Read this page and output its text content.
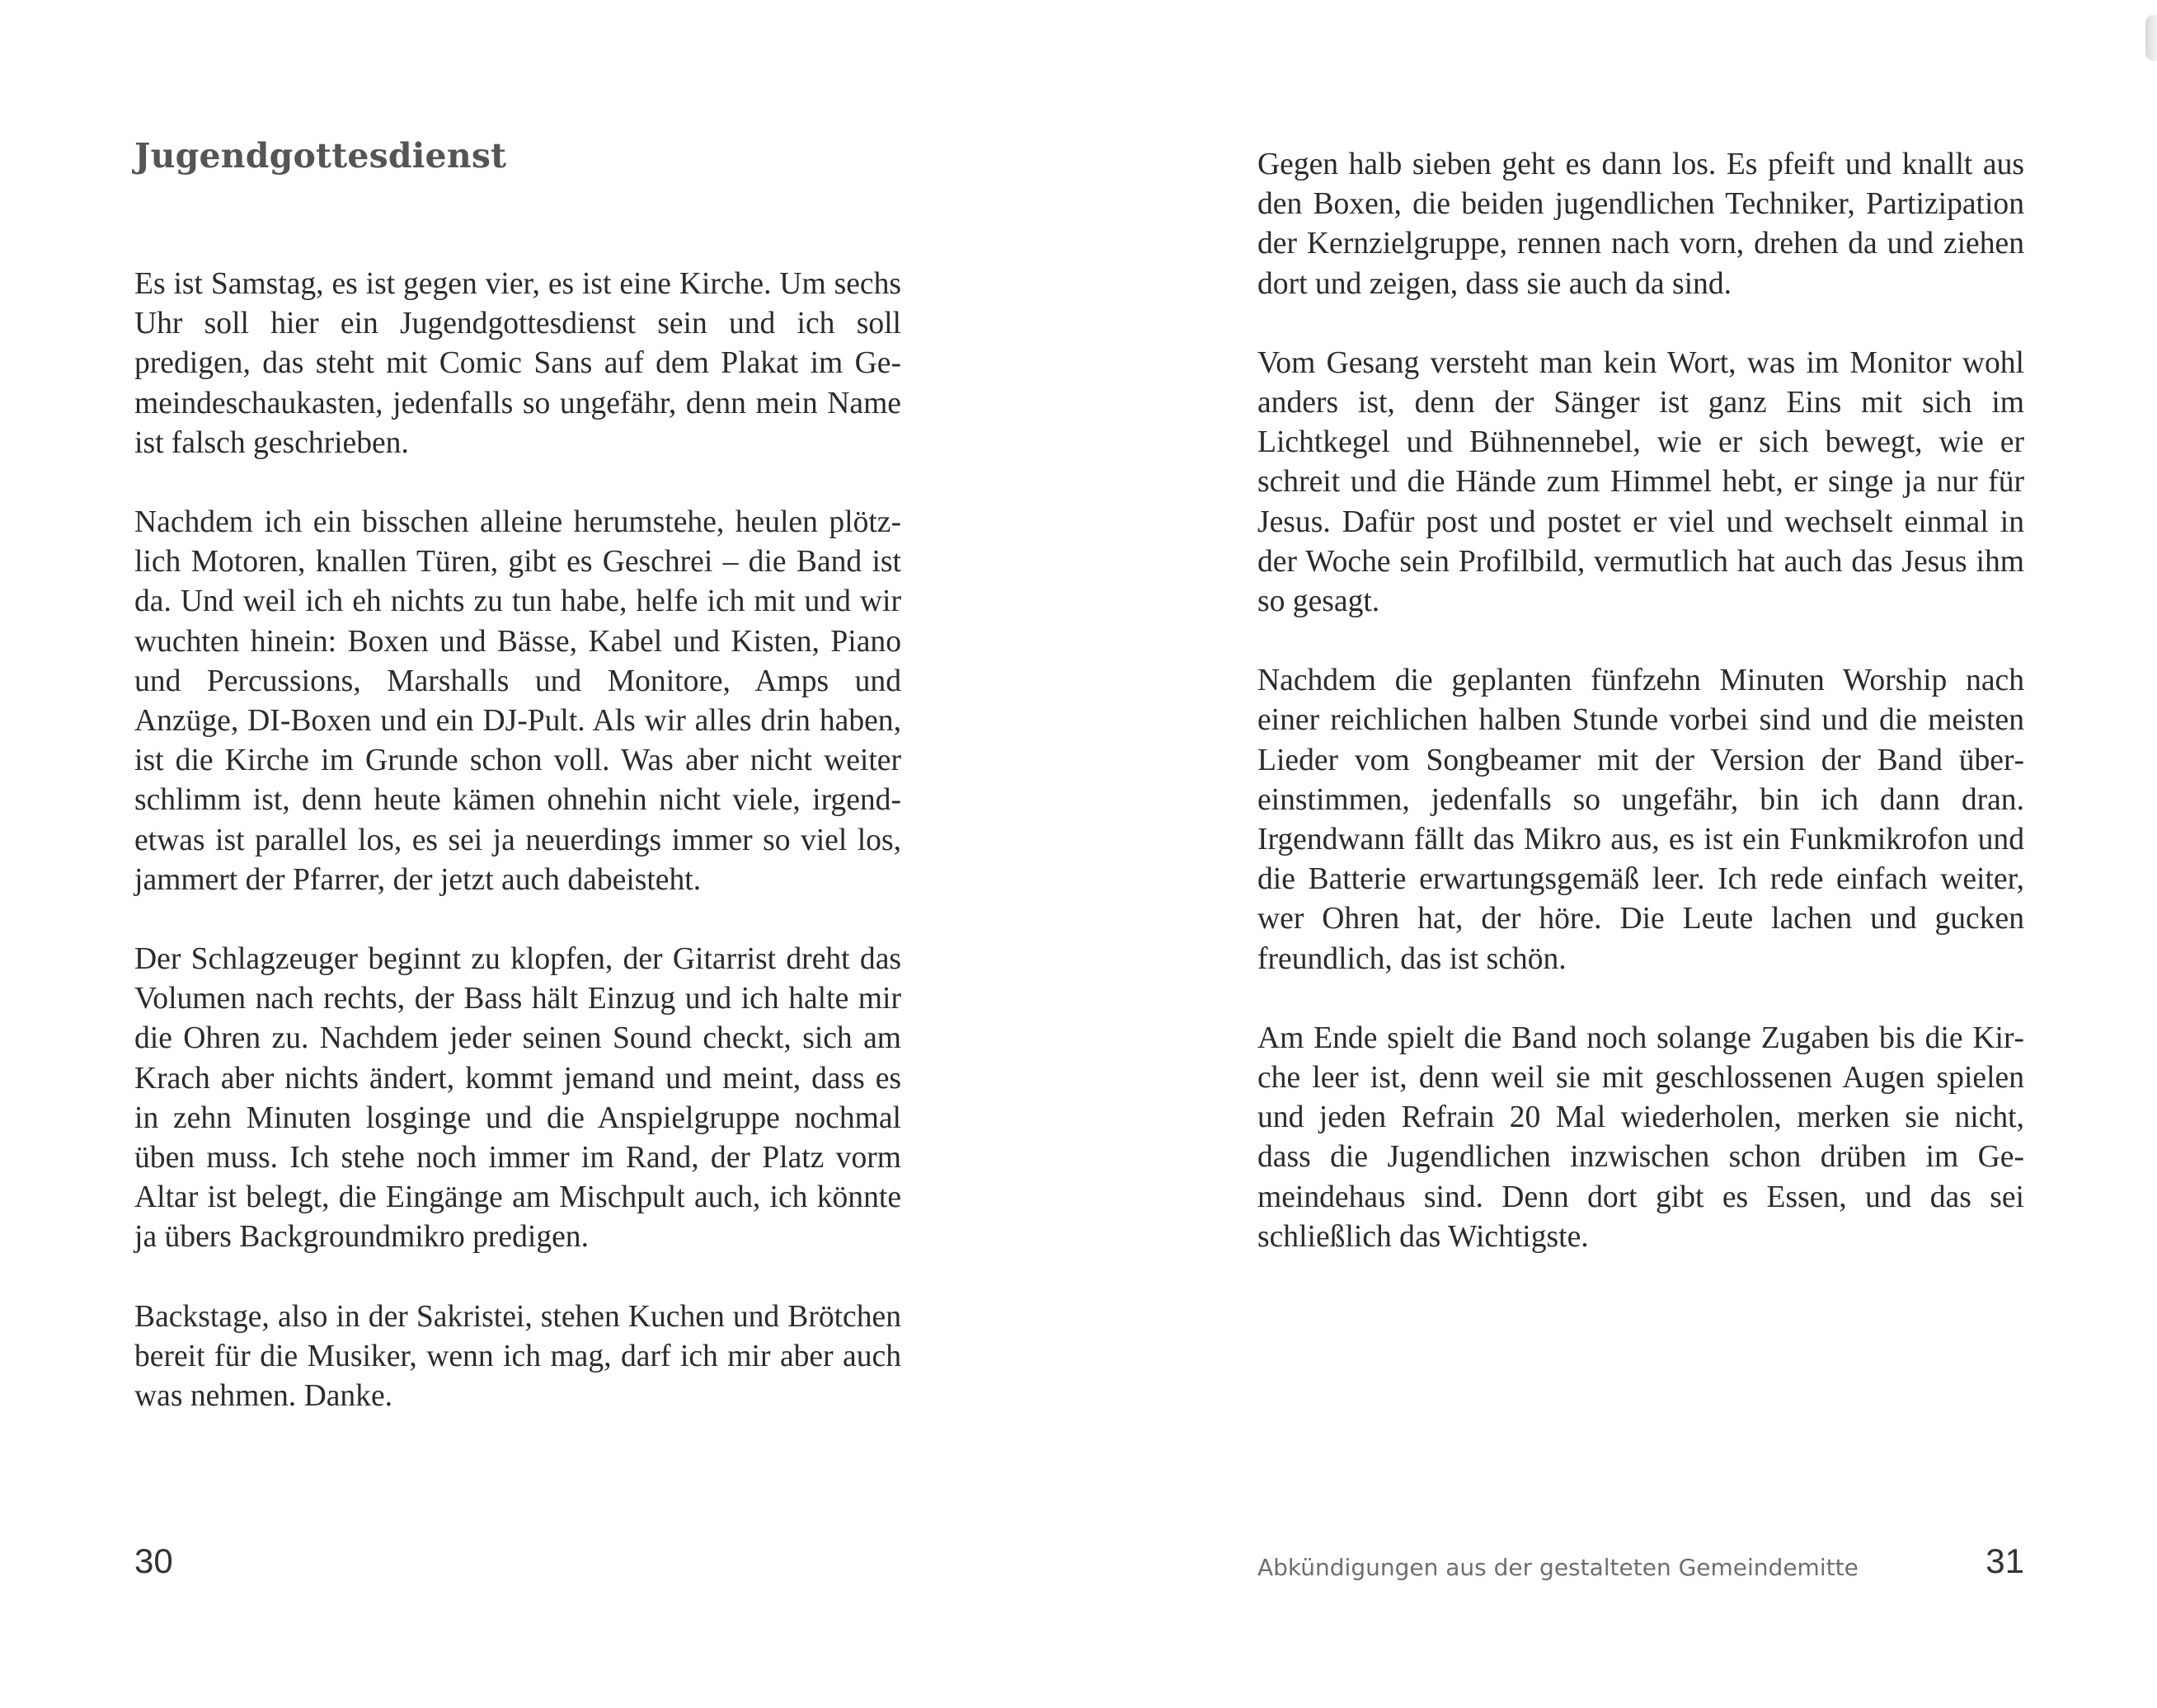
Jugendgottesdienst

Es ist Samstag, es ist gegen vier, es ist eine Kirche. Um sechs Uhr soll hier ein Jugendgottesdienst sein und ich soll predigen, das steht mit Comic Sans auf dem Plakat im Gemeindeschaukasten, jedenfalls so ungefähr, denn mein Name ist falsch geschrieben.

Nachdem ich ein bisschen alleine herumstehe, heulen plötzlich Motoren, knallen Türen, gibt es Geschrei – die Band ist da. Und weil ich eh nichts zu tun habe, helfe ich mit und wir wuchten hinein: Boxen und Bässe, Kabel und Kisten, Piano und Percussions, Marshalls und Monitore, Amps und Anzüge, DI-Boxen und ein DJ-Pult. Als wir alles drin haben, ist die Kirche im Grunde schon voll. Was aber nicht weiter schlimm ist, denn heute kämen ohnehin nicht viele, irgendetwas ist parallel los, es sei ja neuerdings immer so viel los, jammert der Pfarrer, der jetzt auch dabeisteht.

Der Schlagzeuger beginnt zu klopfen, der Gitarrist dreht das Volumen nach rechts, der Bass hält Einzug und ich halte mir die Ohren zu. Nachdem jeder seinen Sound checkt, sich am Krach aber nichts ändert, kommt jemand und meint, dass es in zehn Minuten losginge und die Anspielgruppe nochmal üben muss. Ich stehe noch immer im Rand, der Platz vorm Altar ist belegt, die Eingänge am Mischpult auch, ich könnte ja übers Backgroundmikro predigen.

Backstage, also in der Sakristei, stehen Kuchen und Brötchen bereit für die Musiker, wenn ich mag, darf ich mir aber auch was nehmen. Danke.

30

Gegen halb sieben geht es dann los. Es pfeift und knallt aus den Boxen, die beiden jugendlichen Techniker, Partizipation der Kernzielgruppe, rennen nach vorn, drehen da und ziehen dort und zeigen, dass sie auch da sind.

Vom Gesang versteht man kein Wort, was im Monitor wohl anders ist, denn der Sänger ist ganz Eins mit sich im Lichtkegel und Bühnennebel, wie er sich bewegt, wie er schreit und die Hände zum Himmel hebt, er singe ja nur für Jesus. Dafür post und postet er viel und wechselt einmal in der Woche sein Profilbild, vermutlich hat auch das Jesus ihm so gesagt.

Nachdem die geplanten fünfzehn Minuten Worship nach einer reichlichen halben Stunde vorbei sind und die meisten Lieder vom Songbeamer mit der Version der Band übereinstimmen, jedenfalls so ungefähr, bin ich dann dran. Irgendwann fällt das Mikro aus, es ist ein Funkmikrofon und die Batterie erwartungsgemäß leer. Ich rede einfach weiter, wer Ohren hat, der höre. Die Leute lachen und gucken freundlich, das ist schön.

Am Ende spielt die Band noch solange Zugaben bis die Kirche leer ist, denn weil sie mit geschlossenen Augen spielen und jeden Refrain 20 Mal wiederholen, merken sie nicht, dass die Jugendlichen inzwischen schon drüben im Gemeindehaus sind. Denn dort gibt es Essen, und das sei schließlich das Wichtigste.

Abkündigungen aus der gestalteten Gemeindemitte	31
